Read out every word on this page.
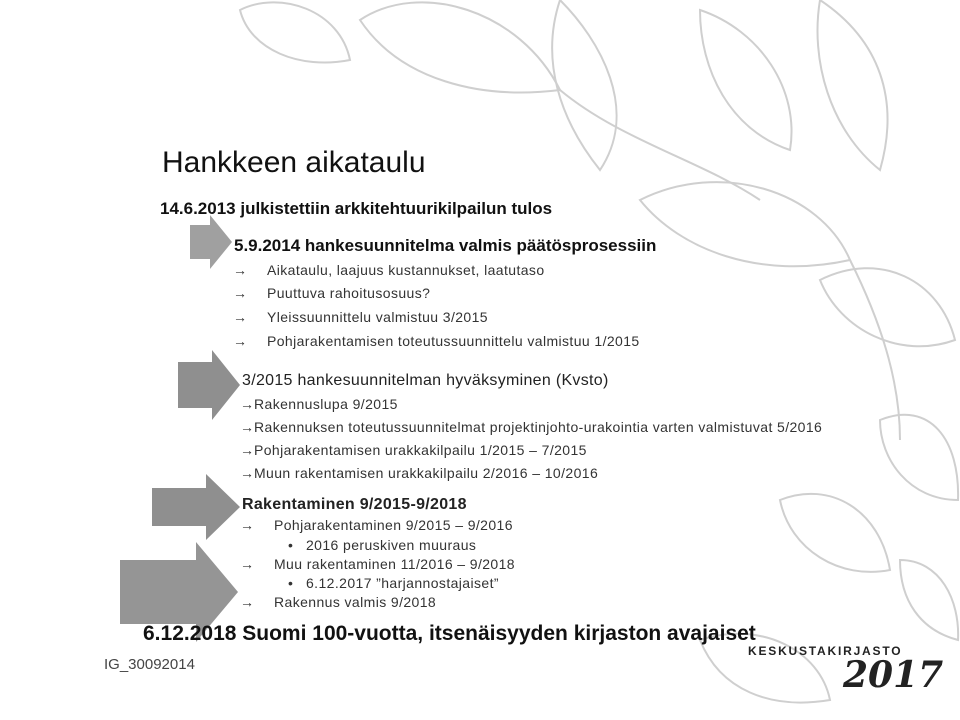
Hankkeen aikataulu
14.6.2013 julkistettiin arkkitehtuurikilpailun tulos
5.9.2014 hankesuunnitelma valmis päätösprosessiin
→ Aikataulu, laajuus kustannukset, laatutaso
→ Puuttuva rahoitusosuus?
→ Yleissuunnittelu valmistuu 3/2015
→ Pohjarakentamisen toteutussuunnittelu valmistuu 1/2015
3/2015 hankesuunnitelman hyväksyminen (Kvsto)
→Rakennuslupa 9/2015
→Rakennuksen toteutussuunnitelmat projektinjohto-urakointia varten valmistuvat 5/2016
→Pohjarakentamisen urakkakilpailu 1/2015 – 7/2015
→Muun rakentamisen urakkakilpailu 2/2016 – 10/2016
Rakentaminen 9/2015-9/2018
→ Pohjarakentaminen 9/2015 – 9/2016
• 2016 peruskiven muuraus
→ Muu rakentaminen 11/2016 – 9/2018
• 6.12.2017 ”harjannostajaiset”
→ Rakennus valmis 9/2018
6.12.2018 Suomi 100-vuotta, itsenäisyyden kirjaston avajaiset
IG_30092014
KESKUSTAKIRJASTO
2017
